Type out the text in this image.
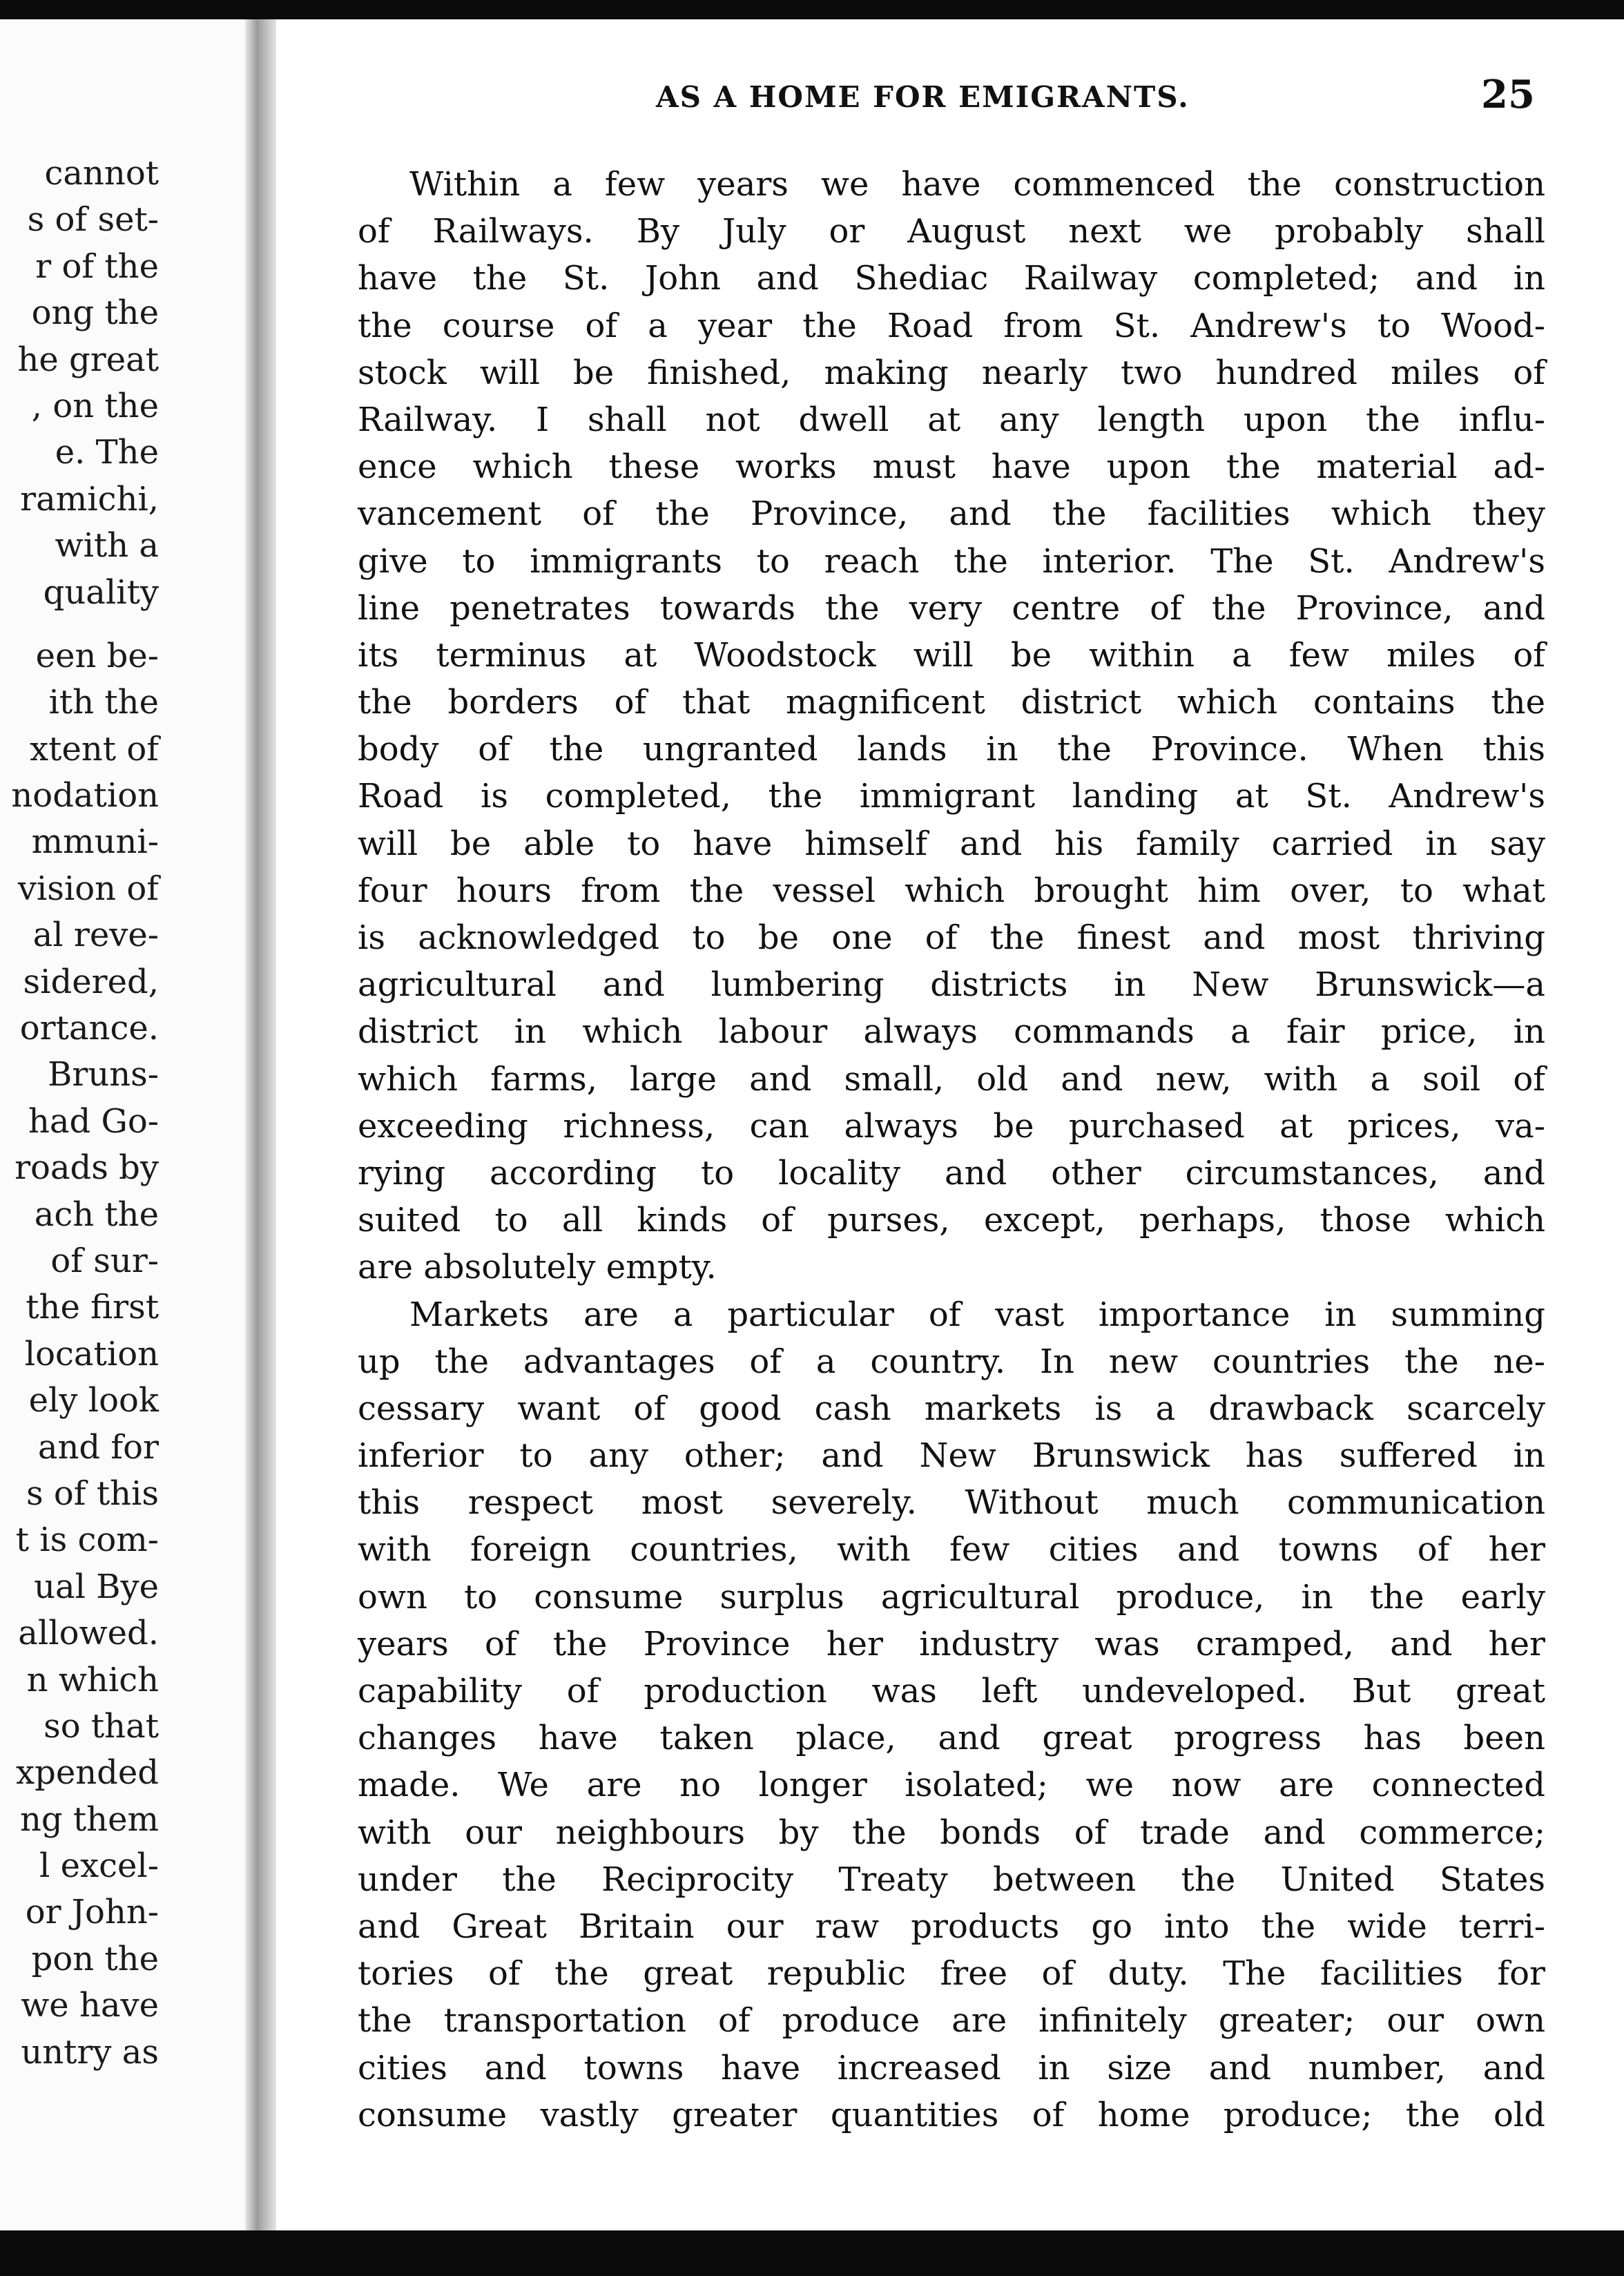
cannot
s of set-
r of the
ong the
he great
, on the
e. The
ramichi,
with a
quality
een be-
ith the
xtent of
nodation
mmuni-
vision of
al reve-
sidered,
ortance.
Bruns-
had Go-
roads by
ach the
of sur-
the first
location
ely look
and for
s of this
t is com-
ual Bye
allowed.
n which
so that
xpended
ng them
l excel-
or John-
pon the
we have
untry as
AS A HOME FOR EMIGRANTS.	25
Within a few years we have commenced the construction
of Railways. By July or August next we probably shall
have the St. John and Shediac Railway completed; and in
the course of a year the Road from St. Andrew's to Wood-
stock will be finished, making nearly two hundred miles of
Railway. I shall not dwell at any length upon the influ-
ence which these works must have upon the material ad-
vancement of the Province, and the facilities which they
give to immigrants to reach the interior. The St. Andrew's
line penetrates towards the very centre of the Province, and
its terminus at Woodstock will be within a few miles of
the borders of that magnificent district which contains the
body of the ungranted lands in the Province. When this
Road is completed, the immigrant landing at St. Andrew's
will be able to have himself and his family carried in say
four hours from the vessel which brought him over, to what
is acknowledged to be one of the finest and most thriving
agricultural and lumbering districts in New Brunswick—a
district in which labour always commands a fair price, in
which farms, large and small, old and new, with a soil of
exceeding richness, can always be purchased at prices, va-
rying according to locality and other circumstances, and
suited to all kinds of purses, except, perhaps, those which
are absolutely empty.
Markets are a particular of vast importance in summing
up the advantages of a country. In new countries the ne-
cessary want of good cash markets is a drawback scarcely
inferior to any other; and New Brunswick has suffered in
this respect most severely. Without much communication
with foreign countries, with few cities and towns of her
own to consume surplus agricultural produce, in the early
years of the Province her industry was cramped, and her
capability of production was left undeveloped. But great
changes have taken place, and great progress has been
made. We are no longer isolated; we now are connected
with our neighbours by the bonds of trade and commerce;
under the Reciprocity Treaty between the United States
and Great Britain our raw products go into the wide terri-
tories of the great republic free of duty. The facilities for
the transportation of produce are infinitely greater; our own
cities and towns have increased in size and number, and
consume vastly greater quantities of home produce; the old
